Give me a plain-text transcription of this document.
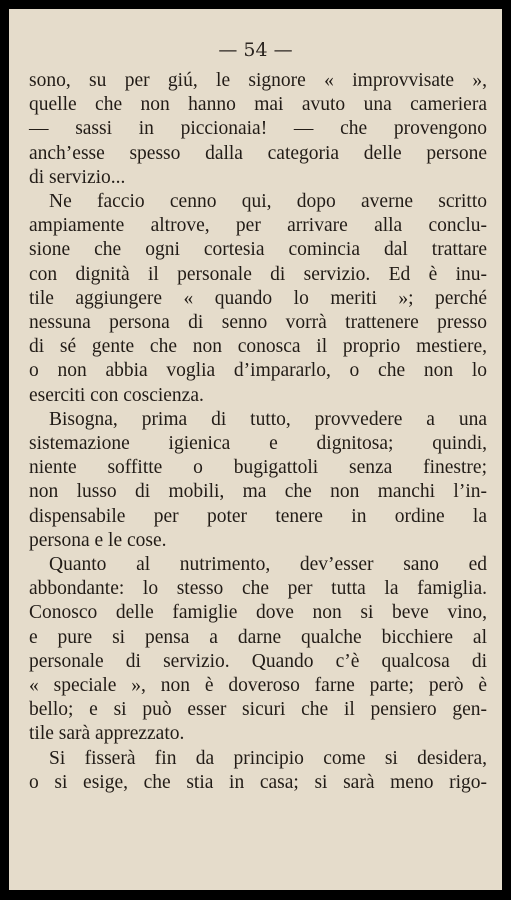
— 54 —
sono, su per giú, le signore « improvvisate »,
quelle che non hanno mai avuto una cameriera
— sassi in piccionaia! — che provengono
anch’esse spesso dalla categoria delle persone
di servizio...
Ne faccio cenno qui, dopo averne scritto
ampiamente altrove, per arrivare alla conclu-
sione che ogni cortesia comincia dal trattare
con dignità il personale di servizio. Ed è inu-
tile aggiungere « quando lo meriti »; perché
nessuna persona di senno vorrà trattenere presso
di sé gente che non conosca il proprio mestiere,
o non abbia voglia d’impararlo, o che non lo
eserciti con coscienza.
Bisogna, prima di tutto, provvedere a una
sistemazione igienica e dignitosa; quindi,
niente soffitte o bugigattoli senza finestre;
non lusso di mobili, ma che non manchi l’in-
dispensabile per poter tenere in ordine la
persona e le cose.
Quanto al nutrimento, dev’esser sano ed
abbondante: lo stesso che per tutta la famiglia.
Conosco delle famiglie dove non si beve vino,
e pure si pensa a darne qualche bicchiere al
personale di servizio. Quando c’è qualcosa di
« speciale », non è doveroso farne parte; però è
bello; e si può esser sicuri che il pensiero gen-
tile sarà apprezzato.
Si fisserà fin da principio come si desidera,
o si esige, che stia in casa; si sarà meno rigo-
